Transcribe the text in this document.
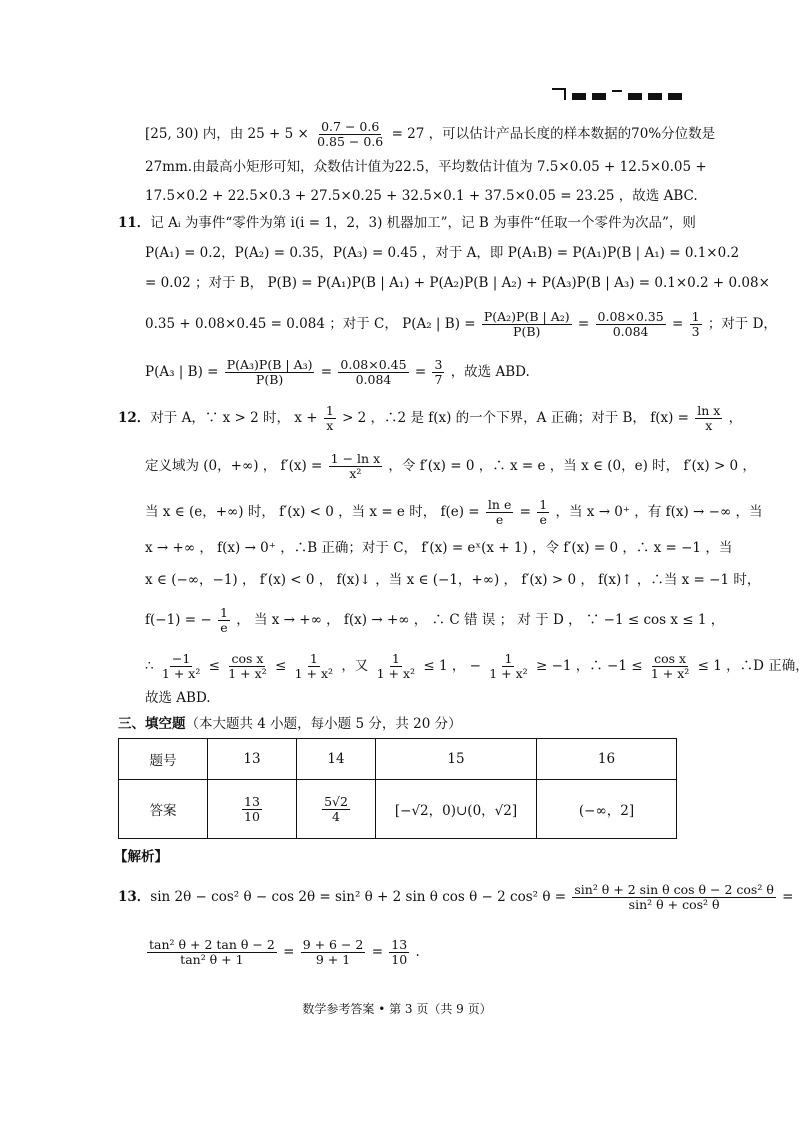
[25, 30) 内，由 $25 + 5 \times \frac{0.7 - 0.6}{0.85 - 0.6} = 27$ ，可以估计产品长度的样本数据的70%分位数是
27mm.由最高小矩形可知，众数估计值为22.5，平均数估计值为 7.5×0.05 + 12.5×0.05 +
17.5×0.2 + 22.5×0.3 + 27.5×0.25 + 32.5×0.1 + 37.5×0.05 = 23.25 ，故选 ABC.
11．记 Aᵢ 为事件“零件为第 i(i = 1，2，3) 机器加工”，记 B 为事件“任取一个零件为次品”，则
P(A₁) = 0.2，P(A₂) = 0.35，P(A₃) = 0.45 ，对于 A，即 P(A₁B) = P(A₁)P(B | A₁) = 0.1×0.2
= 0.02 ；对于 B， P(B) = P(A₁)P(B | A₁) + P(A₂)P(B | A₂) + P(A₃)P(B | A₃) = 0.1×0.2 + 0.08×
0.35 + 0.08×0.45 = 0.084 ；对于 C， P(A₂ | $B) = \frac{\text{P(A₂)P(B | A₂)}}{P(B)} = \frac{0.08\times 0.35}{0.084} = \frac{1}{3}$ ；对于 D，
P(A₃ | $B) = \frac{\text{P(A₃)P(B | A₃)}}{P(B)} = \frac{0.08\times 0.45}{0.084} = \frac{3}{7}$ ，故选 ABD.
12．对于 A，∵ x > 2 时， $x + \frac{1}{x} > 2$ ，∴2 是 f(x) 的一个下界，A 正确；对于 B， $f(x) = \frac{\text{ln x}}{x}$ ，
定义域为 (0，+∞) ， $f'(x) = \frac{\text{1 − ln x}}{\text{x²}}$ ，令 f′(x) = 0 ，∴ x = e ，当 x ∈ (0，e) 时， f′(x) > 0 ，
当 x ∈ (e，+∞) 时， f′(x) < 0 ，当 x = e 时， $f(e) = \frac{\text{ln e}}{e} = \frac{1}{e}$ ，当 x → 0⁺ ，有 f(x) → −∞ ，当
x → +∞ ， f(x) → 0⁺ ，∴B 正确；对于 C， f′(x) = eˣ(x + 1) ，令 f′(x) = 0 ，∴ x = −1 ，当
x ∈ (−∞，−1) ， f′(x) < 0 ， f(x)↓ ，当 x ∈ (−1，+∞) ， f′(x) > 0 ， f(x)↑ ，∴当 x = −1 时，
f(−1) = − $\frac{1}{e}$ ， 当 x → +∞ ， f(x) → +∞ ， ∴ C 错 误 ； 对 于 D ， ∵ −1 ≤ cos x ≤ 1 ，
∴ $\frac{-1}{\text{1 + x²}} \le \frac{\text{cos x}}{\text{1 + x²}} \le \frac{1}{\text{1 + x²}}$ ，又 $\frac{1}{\text{1 + x²}} \le 1$ ， − $\frac{1}{\text{1 + x²}} \ge -1$ ，∴ $-1 \le \frac{\text{cos x}}{\text{1 + x²}} \le 1$ ，∴D 正确，
故选 ABD.
三、填空题（本大题共 4 小题，每小题 5 分，共 20 分）
题号	13	14	15	16
答案	$\frac{13}{10}$	$\frac{5√2}{4}$	[−√2，0)∪(0，√2]	(−∞，2]
【解析】
13．sin 2θ − cos² θ − cos 2θ = sin² θ + 2 sin θ cos θ − 2 cos² $\theta = \frac{\text{sin² θ + 2 sin θ cos θ − 2 cos² θ}}{\text{sin² θ + cos² θ}}$ =
$\frac{\text{tan² θ + 2 tan θ − 2}}{\text{tan² θ + 1}} = \frac{9 + 6 - 2}{9 + 1} = \frac{13}{10}$ .
数学参考答案 • 第 3 页（共 9 页）
